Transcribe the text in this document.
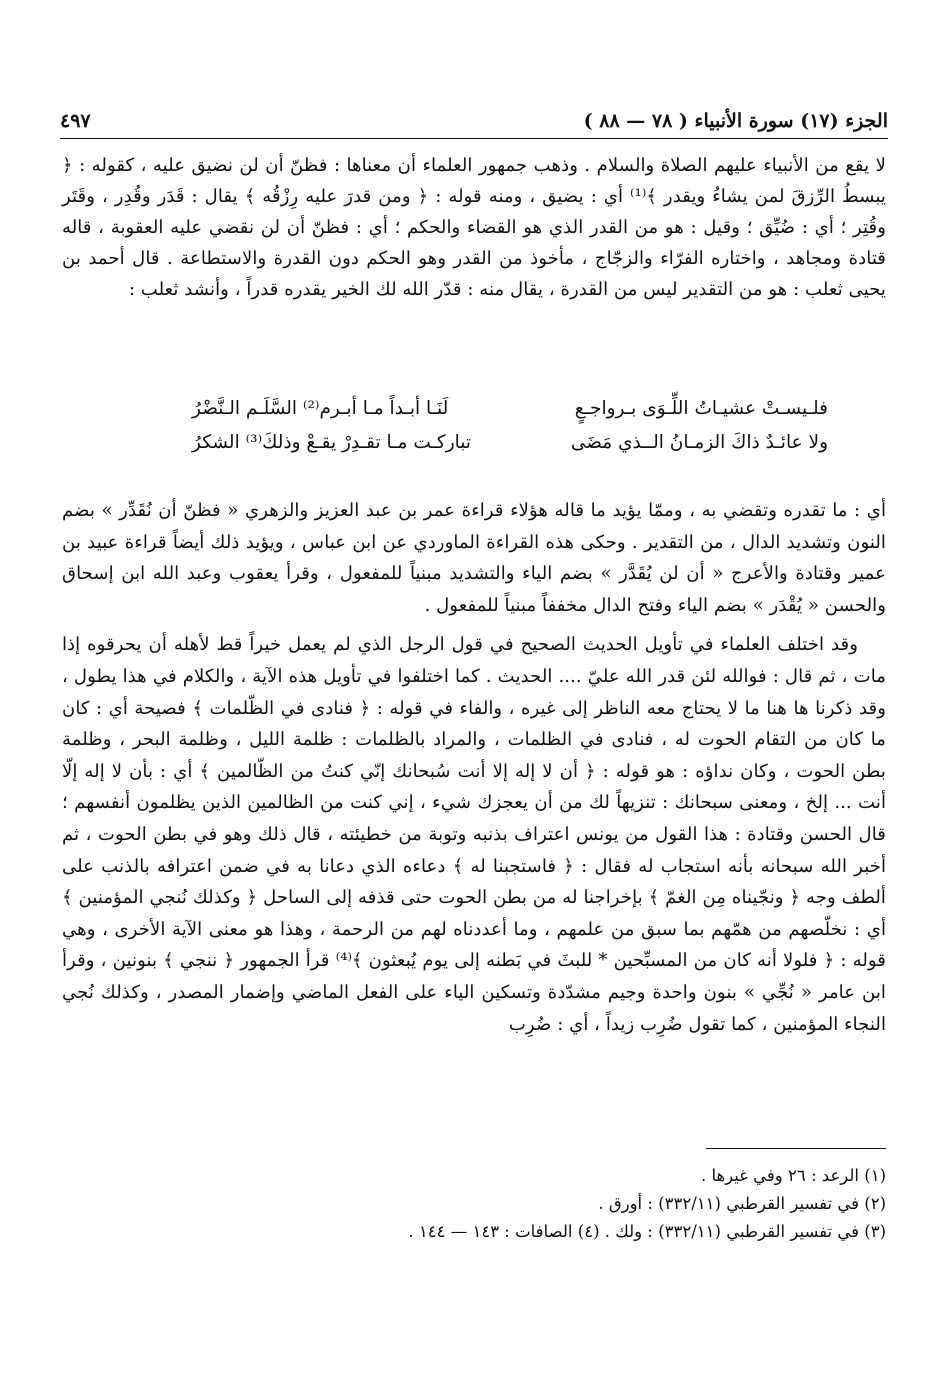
الجزء (١٧) سورة الأنبياء ( ٧٨ — ٨٨ )
٤٩٧

لا يقع من الأنبياء عليهم الصلاة والسلام . وذهب جمهور العلماء أن معناها : فظنّ أن لن نضيق عليه ، كقوله : ﴿ يبسطُ الرِّزقَ لمن يشاءُ ويقدر ﴾⁽¹⁾ أي : يضيق ، ومنه قوله : ﴿ ومن قدرَ عليه رِزْقُه ﴾ يقال : قَدَر وقُدِر ، وقَتَر وقُتِر ؛ أي : ضُيِّق ؛ وقيل : هو من القدر الذي هو القضاء والحكم ؛ أي : فظنّ أن لن نقضي عليه العقوبة ، قاله قتادة ومجاهد ، واختاره الفرّاء والزجّاج ، مأخوذ من القدر وهو الحكم دون القدرة والاستطاعة . قال أحمد بن يحيى ثعلب : هو من التقدير ليس من القدرة ، يقال منه : قدّر الله لك الخير يقدره قدراً ، وأنشد ثعلب :

فلـيسـتْ عشيـاتُ اللِّـوَى بـرواجـعٍ
لَنَـا أبـداً مـا أبـرم⁽²⁾ السَّلَـم الـنَّضْرُ
ولا عائـدٌ ذاكَ الزمـانُ الــذي مَضَى
تباركـت مـا تقـدِرْ يقـعْ وذلكَ⁽³⁾ الشكرُ

أي : ما تقدره وتقضي به ، وممّا يؤيد ما قاله هؤلاء قراءة عمر بن عبد العزيز والزهري « فظنّ أن نُقَدِّر » بضم النون وتشديد الدال ، من التقدير . وحكى هذه القراءة الماوردي عن ابن عباس ، ويؤيد ذلك أيضاً قراءة عبيد بن عمير وقتادة والأعرج « أن لن يُقَدَّر » بضم الياء والتشديد مبنياً للمفعول ، وقرأ يعقوب وعبد الله ابن إسحاق والحسن « يُقْدَر » بضم الياء وفتح الدال مخففاً مبنياً للمفعول .

وقد اختلف العلماء في تأويل الحديث الصحيح في قول الرجل الذي لم يعمل خيراً قط لأهله أن يحرقوه إذا مات ، ثم قال : فوالله لئن قدر الله عليّ .... الحديث . كما اختلفوا في تأويل هذه الآية ، والكلام في هذا يطول ، وقد ذكرنا ها هنا ما لا يحتاج معه الناظر إلى غيره ، والفاء في قوله : ﴿ فنادى في الظّلمات ﴾ فصيحة أي : كان ما كان من التقام الحوت له ، فنادى في الظلمات ، والمراد بالظلمات : ظلمة الليل ، وظلمة البحر ، وظلمة بطن الحوت ، وكان نداؤه : هو قوله : ﴿ أن لا إله إلا أنت سُبحانك إنّي كنتُ من الظّالمين ﴾ أي : بأن لا إله إلّا أنت ... إلخ ، ومعنى سبحانك : تنزيهاً لك من أن يعجزك شيء ، إني كنت من الظالمين الذين يظلمون أنفسهم ؛ قال الحسن وقتادة : هذا القول من يونس اعتراف بذنبه وتوبة من خطيئته ، قال ذلك وهو في بطن الحوت ، ثم أخبر الله سبحانه بأنه استجاب له فقال : ﴿ فاستجبنا له ﴾ دعاءه الذي دعانا به في ضمن اعترافه بالذنب على ألطف وجه ﴿ ونجّيناه مِن الغمّ ﴾ بإخراجنا له من بطن الحوت حتى قذفه إلى الساحل ﴿ وكذلك نُنجي المؤمنين ﴾ أي : نخلّصهم من همّهم بما سبق من علمهم ، وما أعددناه لهم من الرحمة ، وهذا هو معنى الآية الأخرى ، وهي قوله : ﴿ فلولا أنه كان من المسبِّحين * للبثَ في بَطنه إلى يوم يُبعثون ﴾⁽⁴⁾ قرأ الجمهور ﴿ ننجي ﴾ بنونين ، وقرأ ابن عامر « نُجِّي » بنون واحدة وجيم مشدّدة وتسكين الياء على الفعل الماضي وإضمار المصدر ، وكذلك نُجي النجاء المؤمنين ، كما تقول ضُرِب زيداً ، أي : ضُرِب

(١) الرعد : ٢٦ وفي غيرها .
(٢) في تفسير القرطبي (٣٣٢/١١) : أورق .
(٣) في تفسير القرطبي (٣٣٢/١١) : ولك . (٤) الصافات : ١٤٣ — ١٤٤ .
